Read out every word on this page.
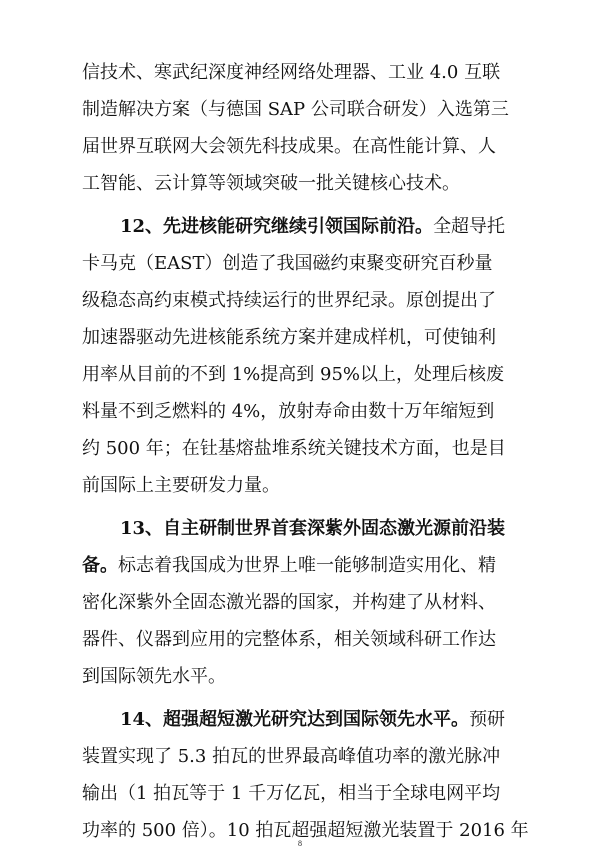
信技术、寒武纪深度神经网络处理器、工业 4.0 互联
制造解决方案（与德国 SAP 公司联合研发）入选第三
届世界互联网大会领先科技成果。在高性能计算、人
工智能、云计算等领域突破一批关键核心技术。
12、先进核能研究继续引领国际前沿。全超导托
卡马克（EAST）创造了我国磁约束聚变研究百秒量
级稳态高约束模式持续运行的世界纪录。原创提出了
加速器驱动先进核能系统方案并建成样机，可使铀利
用率从目前的不到 1%提高到 95%以上，处理后核废
料量不到乏燃料的 4%，放射寿命由数十万年缩短到
约 500 年；在钍基熔盐堆系统关键技术方面，也是目
前国际上主要研发力量。
13、自主研制世界首套深紫外固态激光源前沿装
备。标志着我国成为世界上唯一能够制造实用化、精
密化深紫外全固态激光器的国家，并构建了从材料、
器件、仪器到应用的完整体系，相关领域科研工作达
到国际领先水平。
14、超强超短激光研究达到国际领先水平。预研
装置实现了 5.3 拍瓦的世界最高峰值功率的激光脉冲
输出（1 拍瓦等于 1 千万亿瓦，相当于全球电网平均
功率的 500 倍）。10 拍瓦超强超短激光装置于 2016 年
8
